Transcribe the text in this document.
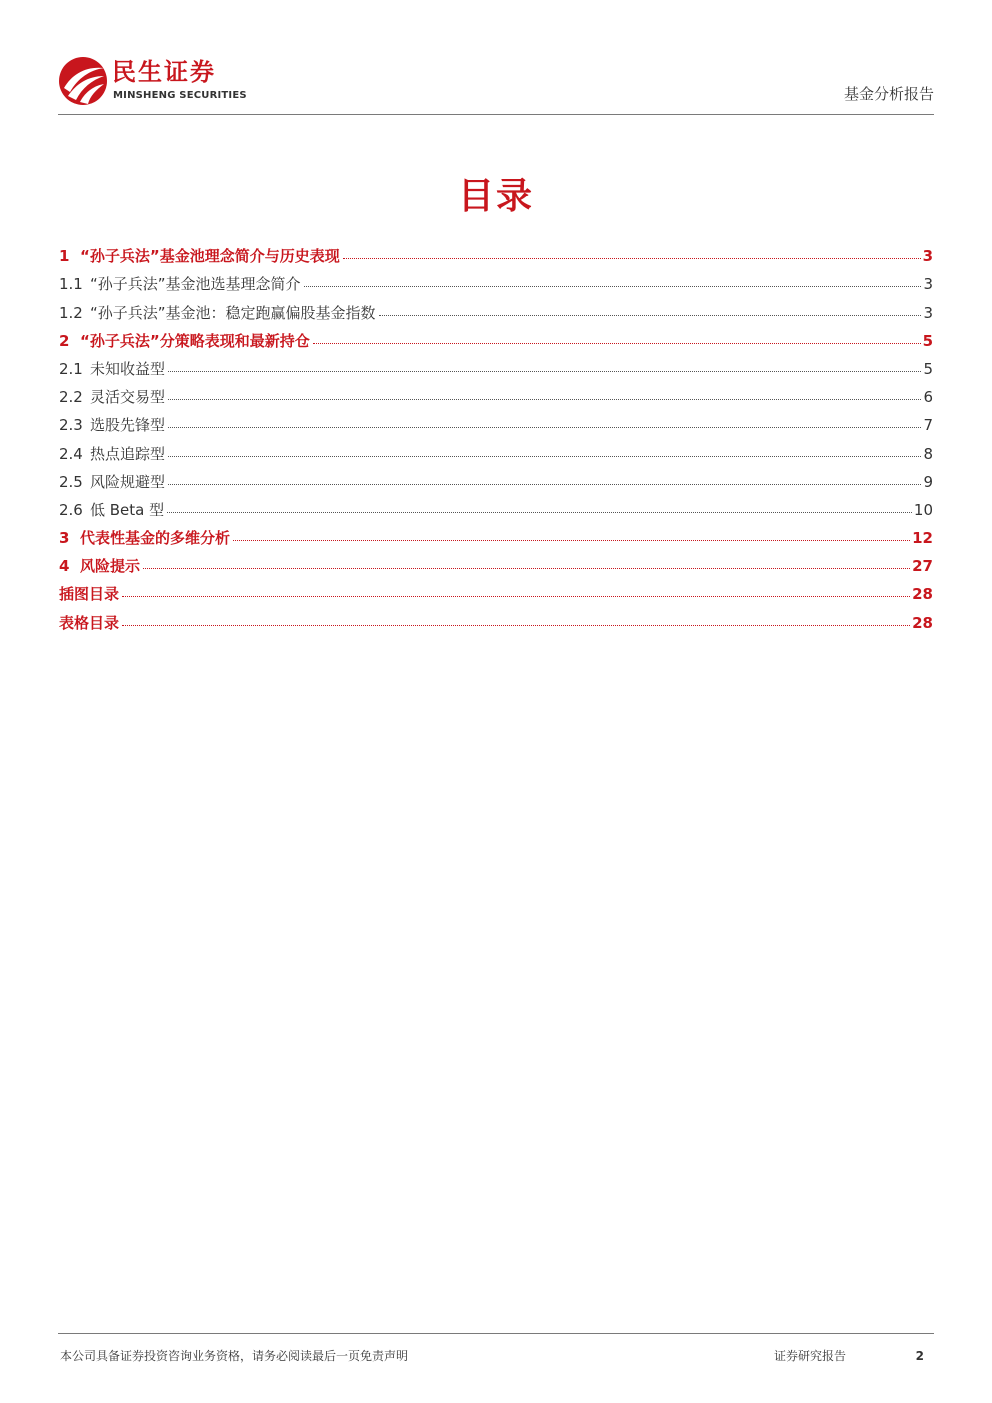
民生证券
MINSHENG SECURITIES	基金分析报告
目录
1 “孙子兵法”基金池理念简介与历史表现	3
1.1 “孙子兵法”基金池选基理念简介	3
1.2 “孙子兵法”基金池：稳定跑赢偏股基金指数	3
2 “孙子兵法”分策略表现和最新持仓	5
2.1 未知收益型	5
2.2 灵活交易型	6
2.3 选股先锋型	7
2.4 热点追踪型	8
2.5 风险规避型	9
2.6 低 Beta 型	10
3 代表性基金的多维分析	12
4 风险提示	27
插图目录	28
表格目录	28
本公司具备证券投资咨询业务资格，请务必阅读最后一页免责声明	证券研究报告	2
